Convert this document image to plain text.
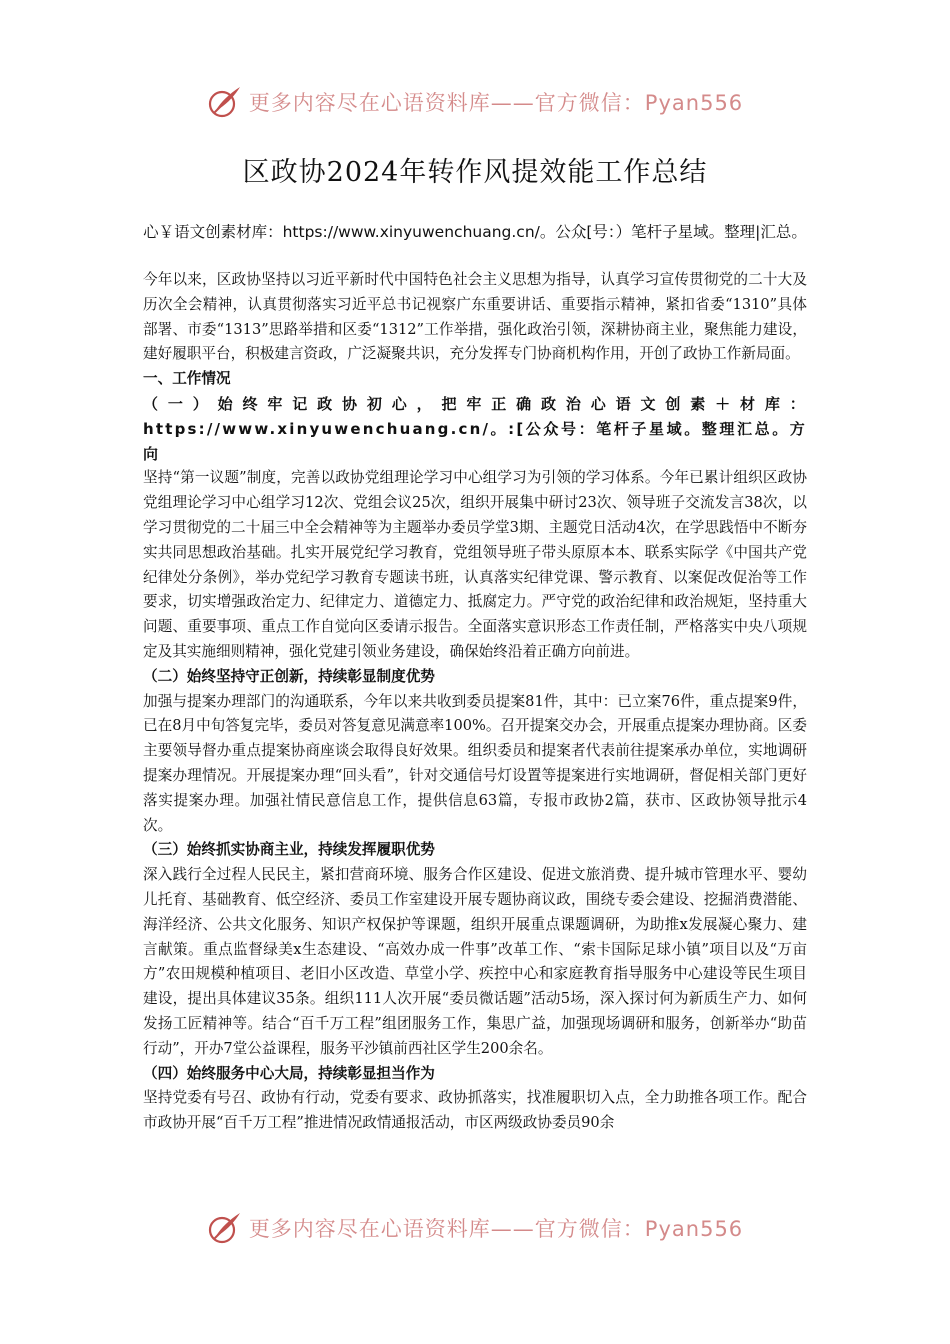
更多内容尽在心语资料库——官方微信：Pyan556
区政协2024年转作风提效能工作总结
心￥语文创素材库：https://www.xinyuwenchuang.cn/。公众[号：）笔杆子星域。整理|汇总。

今年以来，区政协坚持以习近平新时代中国特色社会主义思想为指导，认真学习宣传贯彻党的二十大及历次全会精神，认真贯彻落实习近平总书记视察广东重要讲话、重要指示精神，紧扣省委“1310”具体部署、市委“1313”思路举措和区委“1312”工作举措，强化政治引领，深耕协商主业，聚焦能力建设，建好履职平台，积极建言资政，广泛凝聚共识，充分发挥专门协商机构作用，开创了政协工作新局面。

一、工作情况

（一）始终牢记政协初心，把牢正确政治心语文创素＋材库：https://www.xinyuwenchuang.cn/。:[公众号：笔杆子星域。整理汇总。方向

坚持“第一议题”制度，完善以政协党组理论学习中心组学习为引领的学习体系。今年已累计组织区政协党组理论学习中心组学习12次、党组会议25次，组织开展集中研讨23次、领导班子交流发言38次，以学习贯彻党的二十届三中全会精神等为主题举办委员学堂3期、主题党日活动4次，在学思践悟中不断夯实共同思想政治基础。扎实开展党纪学习教育，党组领导班子带头原原本本、联系实际学《中国共产党纪律处分条例》，举办党纪学习教育专题读书班，认真落实纪律党课、警示教育、以案促改促治等工作要求，切实增强政治定力、纪律定力、道德定力、抵腐定力。严守党的政治纪律和政治规矩，坚持重大问题、重要事项、重点工作自觉向区委请示报告。全面落实意识形态工作责任制，严格落实中央八项规定及其实施细则精神，强化党建引领业务建设，确保始终沿着正确方向前进。

（二）始终坚持守正创新，持续彰显制度优势

加强与提案办理部门的沟通联系，今年以来共收到委员提案81件，其中：已立案76件，重点提案9件，已在8月中旬答复完毕，委员对答复意见满意率100%。召开提案交办会，开展重点提案办理协商。区委主要领导督办重点提案协商座谈会取得良好效果。组织委员和提案者代表前往提案承办单位，实地调研提案办理情况。开展提案办理“回头看”，针对交通信号灯设置等提案进行实地调研，督促相关部门更好落实提案办理。加强社情民意信息工作，提供信息63篇，专报市政协2篇，获市、区政协领导批示4次。

（三）始终抓实协商主业，持续发挥履职优势

深入践行全过程人民民主，紧扣营商环境、服务合作区建设、促进文旅消费、提升城市管理水平、婴幼儿托育、基础教育、低空经济、委员工作室建设开展专题协商议政，围绕专委会建设、挖掘消费潜能、海洋经济、公共文化服务、知识产权保护等课题，组织开展重点课题调研，为助推x发展凝心聚力、建言献策。重点监督绿美x生态建设、“高效办成一件事”改革工作、“索卡国际足球小镇”项目以及“万亩方”农田规模种植项目、老旧小区改造、草堂小学、疾控中心和家庭教育指导服务中心建设等民生项目建设，提出具体建议35条。组织111人次开展“委员微话题”活动5场，深入探讨何为新质生产力、如何发扬工匠精神等。结合“百千万工程”组团服务工作，集思广益，加强现场调研和服务，创新举办“助苗行动”，开办7堂公益课程，服务平沙镇前西社区学生200余名。

（四）始终服务中心大局，持续彰显担当作为

坚持党委有号召、政协有行动，党委有要求、政协抓落实，找准履职切入点，全力助推各项工作。配合市政协开展“百千万工程”推进情况政情通报活动，市区两级政协委员90余

更多内容尽在心语资料库——官方微信：Pyan556
